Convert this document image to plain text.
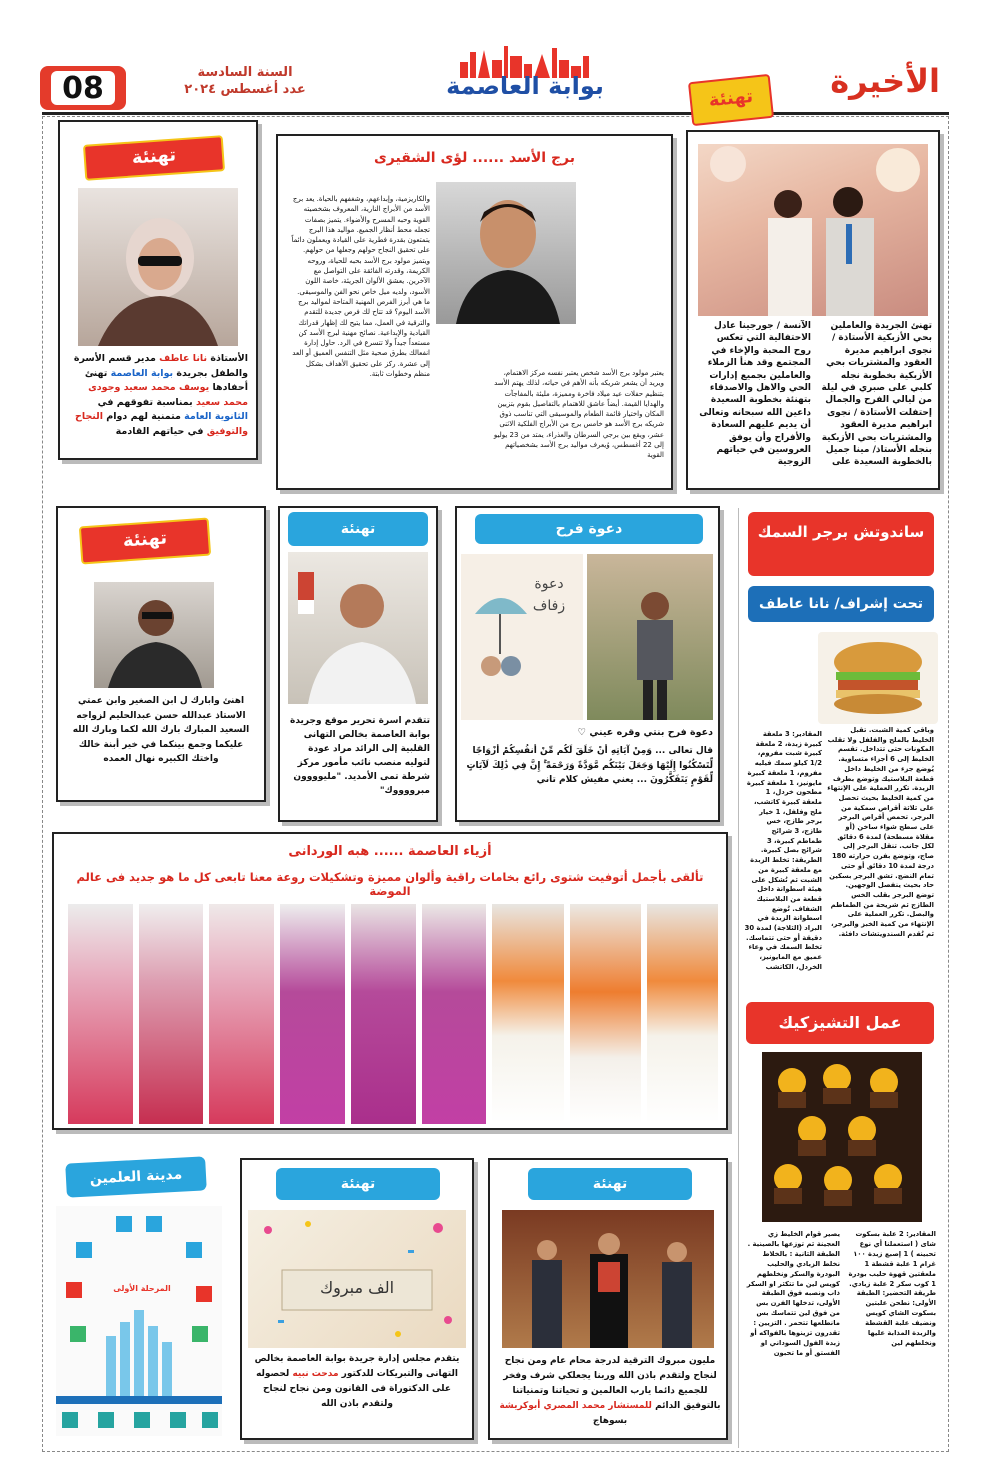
08	السنة السادسة
عدد أغسطس ٢٠٢٤	بوابة العاصمة	الأخيرة
تهنئ الجريدة والعاملين بحي الأزبكية الأستاذة / نجوى ابراهيم مديرة العقود والمشتريات بحي الأزبكية بخطوبة نجله كلبي على صبري في ليلة من ليالي الفرح والجمال إحتفلت الأستاذة / نجوى ابراهيم مديرة العقود والمشتريات بحي الأزبكية بنجله الأستاذ/ مينا جميل بالخطوبة السعيدة على الآنسة / جورجينا عادل الاحتفالية التي تعكس روح المحبة والإخاء في المجتمع وقد هنأ الزملاء والعاملين بجميع إدارات الحي والاهل والاصدقاء بتهنئة بخطوبة السعيدة داعين الله سبحانه وتعالى أن يديم عليهم السعادة والأفراح وأن يوفق العروسين في حياتهم الزوجية
تهنئة
برج الأسد ...... لؤى الشقيرى
يعتبر مولود برج الأسد شخص يعتبر نفسه مركز الاهتمام، ويريد أن يشعر شريكه بأنه الأهم في حياته، لذلك يهتم الأسد بتنظيم حفلات عيد ميلاد فاخرة ومميزة، مليئة بالمفاجآت والهدايا القيمة. أيضاً عاشق للاهتمام بالتفاصيل بقوم بتزيين المكان واختيار قائمة الطعام والموسيقى التي تناسب ذوق شريكه برج الأسد هو خامس برج من الأبراج الفلكية الاثنى عشر، ويقع بين برجي السرطان والعذراء، يمتد من 23 يوليو إلى 22 أغسطس، وُيعرف مواليد برج الأسد بشخصياتهم القوية
والكاريزمية، وإبداعهم، وشغفهم بالحياة. يعد برج الأسد من الأبراج النارية، المعروف بشخصيته القوية وحبه المسرح والأضواء. يتميز بصفات تجعله محط أنظار الجميع. مواليد هذا البرج يتمتعون بقدرة فطرية على القيادة ويعملون دائماً على تحقيق النجاح حولهم وجعلها من حولهم. ويتميز مولود برج الأسد بحبه للحياة، وروحه الكريمة، وقدرته الفائقة على التواصل مع الآخرين. يعشق الألوان الجريئة، خاصة اللون الأسود، ولديه ميل خاص نحو الفن والموسيقى. ما هي أبرز الفرص المهنية المتاحة لمواليد برج الأسد اليوم؟ قد تتاح لك فرص جديدة للتقدم والترقية في العمل، مما يتيح لك إظهار قدراتك القيادية والإبداعية. نصائح مهنية لبرج الأسد كن مستعداً جيداً ولا تتسرع في الرد. حاول إدارة انفعالك بطرق صحية مثل التنفس العميق أو العد إلى عشرة. ركز على تحقيق الأهداف بشكل منظم وخطوات ثابتة.
تهنئة
الأستاذة نانا عاطف مدير قسم الأسرة والطفل بجريدة بوابة العاصمة تهنئ أحفادها يوسف محمد سعيد وجودى محمد سعيد بمناسبة تفوقهم في الثانوية العامة متمنية لهم دوام النجاح والتوفيق في حياتهم القادمة
ساندوتش برجر السمك
تحت إشراف/ نانا عاطف
المقادير: 3 ملعقة كبيرة زبدة، 2 ملعقة كبيرة شبت مفروم، 1/2 كيلو سمك فيليه مفروم، 1 ملعقة كبيرة مايونيز، 1 ملعقة كبيرة مطحون خردل، 1 ملعقة كبيرة كاتشب، ملح وفلفل، 1 خيار برجر طازج، خس طازج، 3 شرائح طماطم كبيرة، 3 شرائح بصل كبيرة. الطريقة: تخلط الزبدة مع ملعقة كبيرة من الشبت ثم تُشكل على هيئة اسطوانة داخل قطعة من البلاستيك الشفاف. تُوضع اسطوانة الزبدة في البراد (الثلاجة) لمدة 30 دقيقة أو حتى تتماسك. تخلط السمك في وعاء عميق مع المايونيز، الخردل، الكاتشب
وباقي كمية الشبت. تقبل الخليط بالملح والفلفل ولا تقلب المكونات حتى تتداخل. تقسم الخليط إلى 6 أجزاء متساوية. يُوضع جزء من الخليط داخل قطعة البلاستيك وتوضع بطرف الزبدة. تكرر العملية على الإنتهاء من كمية الخليط بحيث تحصل على ثلاثة أقراص سمكية من البرجر. تحمص أقراص البرجر على سطح شواء ساخن (أو مقلاة مسطحة) لمدة 6 دقائق لكل جانب. تنقل البرجر إلى صاج، وتوضع بفرن حرارته 180 درجة لمدة 10 دقائق أو حتى تمام النضج. تشق البرجر بسكين حاد بحيث ينفصل الوجهين. توضع البرجر بقلب الخس الطازج ثم شريحة من الطماطم والبصل. تكرر العملية على الإنتهاء من كمية الخبز والبرجر، ثم تُقدم السندويتشات دافئة.
عمل التشيزكيك
المقادير: 2 علبة بسكوت شاى ( استعملنا أي نوع تحبينه ) 1 إصبع زبدة ١٠٠ غرام 1 علبة قشطة 1 ملعقتين قهوة حليب بودرة 1 كوب سكر 2 علبة زبادي. طريقة التحضير: الطبقة الأولى: نطحن علبتين بسكوت الشاي كويس ونضيف علبة القشطة والزبدة المذابة عليها ونخلطهم لين
يصير قوام الخليط زي العجينة ثم توزعها بالصينية . الطبقة الثانية : بالخلاط نخلط الزبادي والحليب البودرة والسكر ونخلطهم كويس لين ما تتكثر او السكر ذاب ونصبه فوق الطبقة الأولى، تدخلها الفرن بس من فوق لين تتماسك بس مانطلعها تتحمر . التزيين : تقدرون تزينوها بالفواكه أو زبدة الفول السوداني او الفستق أو ما تحبون
دعوة فرح
دعوة
زفاف
دعوة فرح بنتي وقره عيني ♡
قال تعالى ... وَمِنْ آيَاتِهِ أَنْ خَلَقَ لَكُم مِّنْ أَنفُسِكُمْ أَزْوَاجًا لِّتَسْكُنُوا إِلَيْهَا وَجَعَلَ بَيْنَكُم مَّوَدَّةً وَرَحْمَةً ۚ إِنَّ فِي ذَٰلِكَ لَآيَاتٍ لِّقَوْمٍ يَتَفَكَّرُونَ ... يعني مفيش كلام تاني
تهنئة
تتقدم اسرة تحرير موقع وجريدة بوابة العاصمة بخالص التهانى القلبية إلى الرائد مراد عودة لتوليه منصب نائب مأمور مركز شرطة تمى الأمديد. "مليوووون مبرووووك"
تهنئة
اهنئ وابارك ل ابن الصغير وابن عمتي الاستاذ عبدالله حسن عبدالحليم لزواجه السعيد المبارك بارك الله لكما وبارك الله عليكما وجمع بينكما في خير أبنة خالك واختك الكبيره نهال العمده
أزياء العاصمة ...... هبه الوردانى
تألقى بأجمل أتوفيت شتوى رائع بخامات راقية وألوان مميزة وتشكيلات روعة معنا تابعى كل ما هو جديد فى عالم الموضة
مدينة العلمين
المرحلة الأولى
تهنئة
الف مبروك
يتقدم مجلس إدارة جريدة بوابة العاصمة بخالص التهانى والتبريكات للدكتور مدحت نبيه لحصوله على الدكتوراة فى القانون ومن نجاح لنجاح ولتقدم باذن الله
تهنئة
مليون مبروك الترقية لدرجة محام عام ومن نجاح لنجاح ولتقدم باذن الله وربنا يجعلكي شرف وفخر للجميع دائما يارب العالمين و تحياتنا وتمنياتنا بالتوفيق الدائم للمستشار محمد المصري أبوكريشة بسوهاج
